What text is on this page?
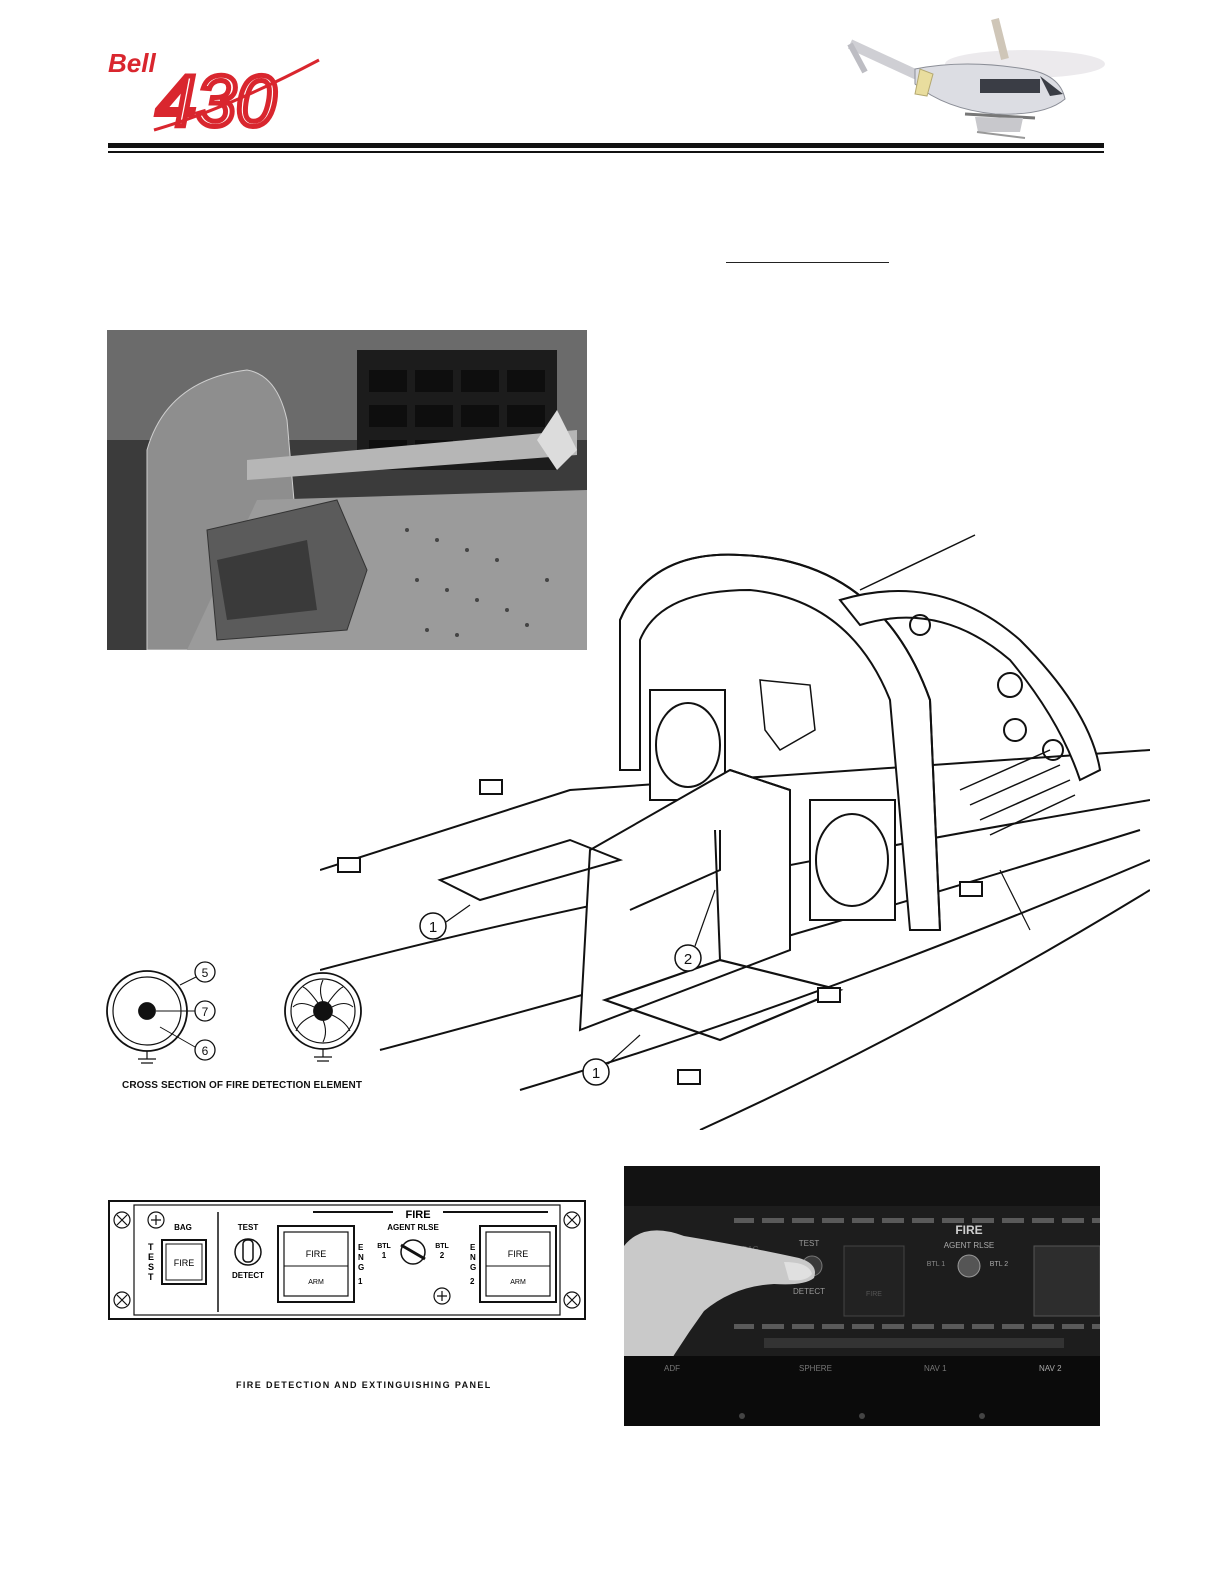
Bell 430
1
2
1
5
7
6
CROSS SECTION OF FIRE DETECTION ELEMENT
FIRE
T E S T
BAG
FIRE
TEST
DETECT
FIRE
ARM
E N G 1
AGENT RLSE
BTL
1
BTL
2
E N G 2
FIRE
ARM
FIRE DETECTION AND EXTINGUISHING PANEL
FIRE
AGENT RLSE
TEST
DETECT	FIRE
BTL 1	BTL 2
ADF	SPHERE	NAV 1	NAV 2
